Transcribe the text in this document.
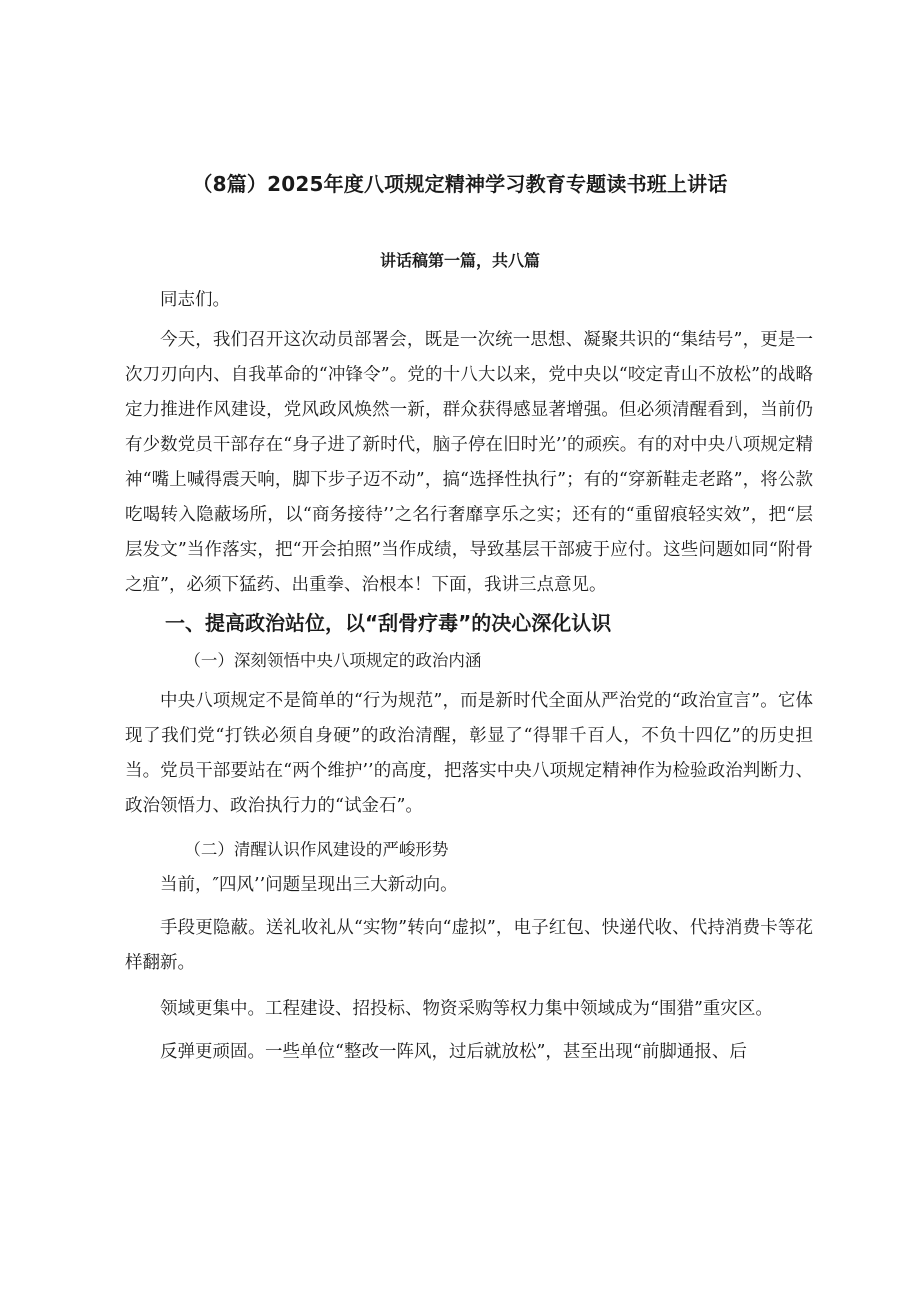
（8篇）2025年度八项规定精神学习教育专题读书班上讲话
讲话稿第一篇，共八篇

同志们。

今天，我们召开这次动员部署会，既是一次统一思想、凝聚共识的“集结号”，更是一次刀刃向内、自我革命的“冲锋令”。党的十八大以来，党中央以“咬定青山不放松”的战略定力推进作风建设，党风政风焕然一新，群众获得感显著增强。但必须清醒看到，当前仍有少数党员干部存在“身子进了新时代，脑子停在旧时光’’的顽疾。有的对中央八项规定精神“嘴上喊得震天响，脚下步子迈不动”，搞“选择性执行”；有的“穿新鞋走老路”，将公款吃喝转入隐蔽场所，以“商务接待’’之名行奢靡享乐之实；还有的“重留痕轻实效”，把“层层发文”当作落实，把“开会拍照”当作成绩，导致基层干部疲于应付。这些问题如同“附骨之疽”，必须下猛药、出重拳、治根本！下面，我讲三点意见。

一、提高政治站位，以“刮骨疗毒”的决心深化认识
（一）深刻领悟中央八项规定的政治内涵

中央八项规定不是简单的“行为规范”，而是新时代全面从严治党的“政治宣言”。它体现了我们党“打铁必须自身硬”的政治清醒，彰显了“得罪千百人，不负十四亿”的历史担当。党员干部要站在“两个维护’’的高度，把落实中央八项规定精神作为检验政治判断力、政治领悟力、政治执行力的“试金石”。

（二）清醒认识作风建设的严峻形势

当前，″四风’’问题呈现出三大新动向。

手段更隐蔽。送礼收礼从“实物”转向“虚拟”，电子红包、快递代收、代持消费卡等花样翻新。

领域更集中。工程建设、招投标、物资采购等权力集中领域成为“围猎”重灾区。

反弹更顽固。一些单位“整改一阵风，过后就放松”，甚至出现“前脚通报、后
